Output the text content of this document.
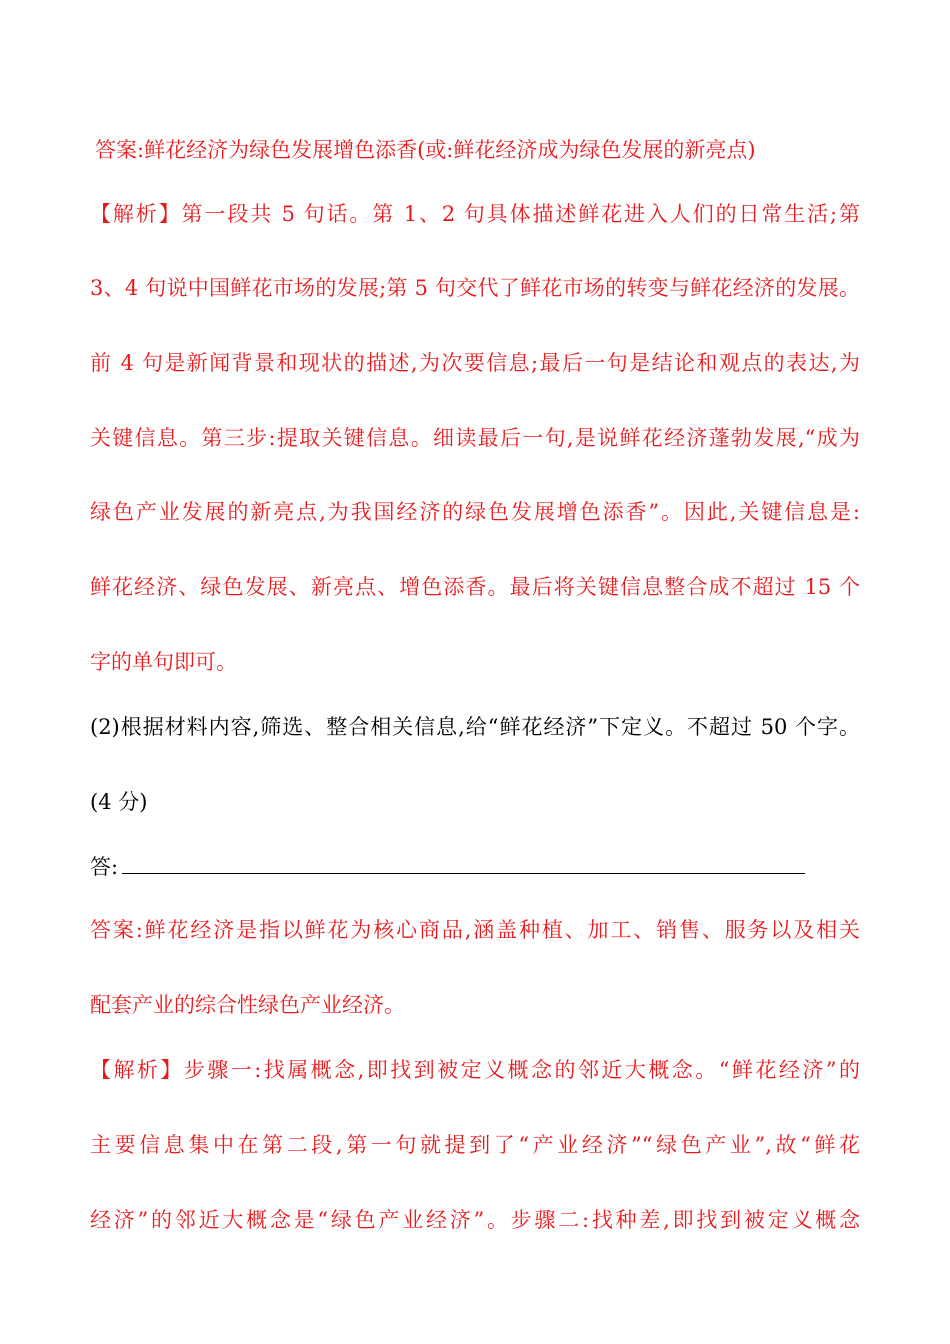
答案:鲜花经济为绿色发展增色添香(或:鲜花经济成为绿色发展的新亮点)
【解析】第一段共 5 句话。第 1、2 句具体描述鲜花进入人们的日常生活;第
3、4 句说中国鲜花市场的发展;第 5 句交代了鲜花市场的转变与鲜花经济的发展。
前 4 句是新闻背景和现状的描述,为次要信息;最后一句是结论和观点的表达,为
关键信息。第三步:提取关键信息。细读最后一句,是说鲜花经济蓬勃发展,“成为
绿色产业发展的新亮点,为我国经济的绿色发展增色添香”。因此,关键信息是:
鲜花经济、绿色发展、新亮点、增色添香。最后将关键信息整合成不超过 15 个
字的单句即可。
(2)根据材料内容,筛选、整合相关信息,给“鲜花经济”下定义。不超过 50 个字。
(4 分)
答:
答案:鲜花经济是指以鲜花为核心商品,涵盖种植、加工、销售、服务以及相关
配套产业的综合性绿色产业经济。
【解析】步骤一:找属概念,即找到被定义概念的邻近大概念。“鲜花经济”的
主要信息集中在第二段,第一句就提到了“产业经济”“绿色产业”,故“鲜花
经济”的邻近大概念是“绿色产业经济”。步骤二:找种差,即找到被定义概念
